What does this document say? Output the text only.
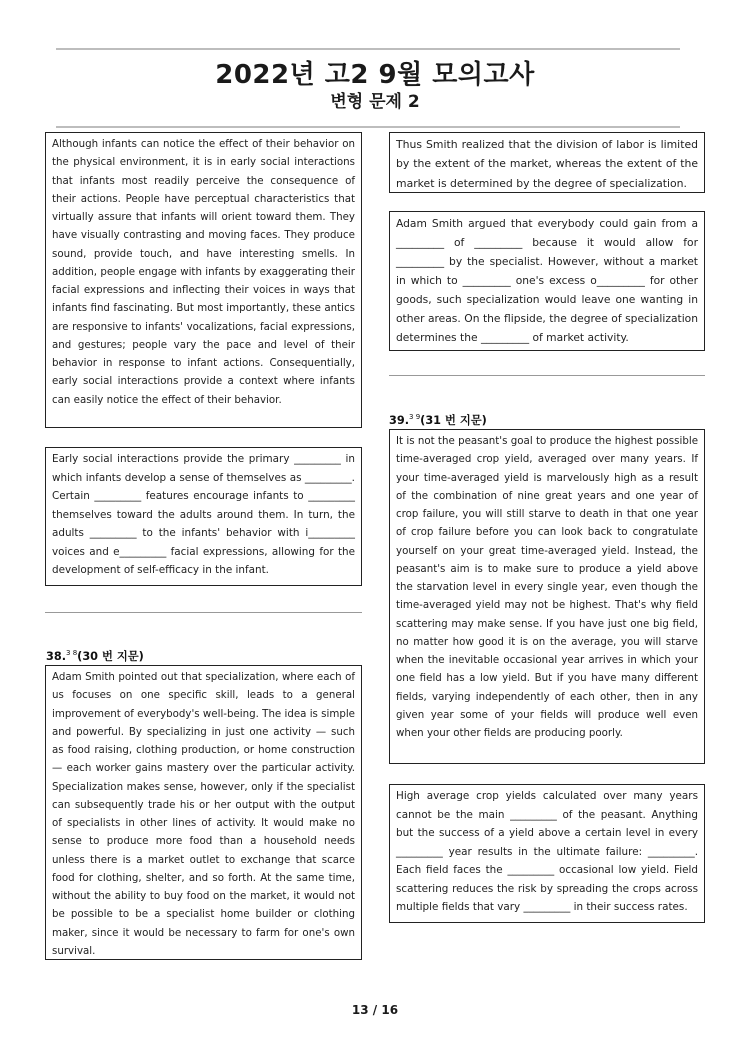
2022년 고2 9월 모의고사
변형 문제 2
Although infants can notice the effect of their behavior on the physical environment, it is in early social interactions that infants most readily perceive the consequence of their actions. People have perceptual characteristics that virtually assure that infants will orient toward them. They have visually contrasting and moving faces. They produce sound, provide touch, and have interesting smells. In addition, people engage with infants by exaggerating their facial expressions and inflecting their voices in ways that infants find fascinating. But most importantly, these antics are responsive to infants' vocalizations, facial expressions, and gestures; people vary the pace and level of their behavior in response to infant actions. Consequentially, early social interactions provide a context where infants can easily notice the effect of their behavior.
Early social interactions provide the primary _________ in which infants develop a sense of themselves as _________. Certain _________ features encourage infants to _________ themselves toward the adults around them. In turn, the adults _________ to the infants' behavior with i_________ voices and e_________ facial expressions, allowing for the development of self-efficacy in the infant.
38.$^{3 8}$(30 번 지문)
Adam Smith pointed out that specialization, where each of us focuses on one specific skill, leads to a general improvement of everybody's well-being. The idea is simple and powerful. By specializing in just one activity — such as food raising, clothing production, or home construction — each worker gains mastery over the particular activity. Specialization makes sense, however, only if the specialist can subsequently trade his or her output with the output of specialists in other lines of activity. It would make no sense to produce more food than a household needs unless there is a market outlet to exchange that scarce food for clothing, shelter, and so forth. At the same time, without the ability to buy food on the market, it would not be possible to be a specialist home builder or clothing maker, since it would be necessary to farm for one's own survival.
Thus Smith realized that the division of labor is limited by the extent of the market, whereas the extent of the market is determined by the degree of specialization.
Adam Smith argued that everybody could gain from a _________ of _________ because it would allow for _________ by the specialist. However, without a market in which to _________ one's excess o_________ for other goods, such specialization would leave one wanting in other areas. On the flipside, the degree of specialization determines the _________ of market activity.
39.$^{3 9}$(31 번 지문)
It is not the peasant's goal to produce the highest possible time-averaged crop yield, averaged over many years. If your time-averaged yield is marvelously high as a result of the combination of nine great years and one year of crop failure, you will still starve to death in that one year of crop failure before you can look back to congratulate yourself on your great time-averaged yield. Instead, the peasant's aim is to make sure to produce a yield above the starvation level in every single year, even though the time-averaged yield may not be highest. That's why field scattering may make sense. If you have just one big field, no matter how good it is on the average, you will starve when the inevitable occasional year arrives in which your one field has a low yield. But if you have many different fields, varying independently of each other, then in any given year some of your fields will produce well even when your other fields are producing poorly.
High average crop yields calculated over many years cannot be the main _________ of the peasant. Anything but the success of a yield above a certain level in every _________ year results in the ultimate failure: _________. Each field faces the _________ occasional low yield. Field scattering reduces the risk by spreading the crops across multiple fields that vary _________ in their success rates.
13 / 16
